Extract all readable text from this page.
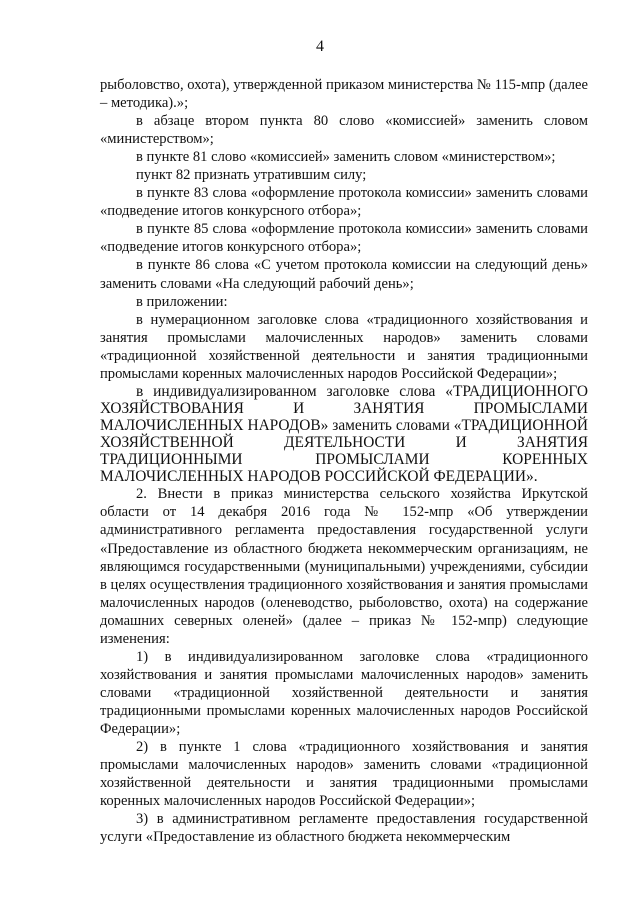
4

рыболовство, охота), утвержденной приказом министерства № 115-мпр (далее – методика).»;

в абзаце втором пункта 80 слово «комиссией» заменить словом «министерством»;

в пункте 81 слово «комиссией» заменить словом «министерством»;

пункт 82 признать утратившим силу;

в пункте 83 слова «оформление протокола комиссии» заменить словами «подведение итогов конкурсного отбора»;

в пункте 85 слова «оформление протокола комиссии» заменить словами «подведение итогов конкурсного отбора»;

в пункте 86 слова «С учетом протокола комиссии на следующий день» заменить словами «На следующий рабочий день»;

в приложении:

в нумерационном заголовке слова «традиционного хозяйствования и занятия промыслами малочисленных народов» заменить словами «традиционной хозяйственной деятельности и занятия традиционными промыслами коренных малочисленных народов Российской Федерации»;

в индивидуализированном заголовке слова «ТРАДИЦИОННОГО ХОЗЯЙСТВОВАНИЯ И ЗАНЯТИЯ ПРОМЫСЛАМИ МАЛОЧИСЛЕННЫХ НАРОДОВ» заменить словами «ТРАДИЦИОННОЙ ХОЗЯЙСТВЕННОЙ ДЕЯТЕЛЬНОСТИ И ЗАНЯТИЯ ТРАДИЦИОННЫМИ ПРОМЫСЛАМИ КОРЕННЫХ МАЛОЧИСЛЕННЫХ НАРОДОВ РОССИЙСКОЙ ФЕДЕРАЦИИ».

2. Внести в приказ министерства сельского хозяйства Иркутской области от 14 декабря 2016 года № 152-мпр «Об утверждении административного регламента предоставления государственной услуги «Предоставление из областного бюджета некоммерческим организациям, не являющимся государственными (муниципальными) учреждениями, субсидии в целях осуществления традиционного хозяйствования и занятия промыслами малочисленных народов (оленеводство, рыболовство, охота) на содержание домашних северных оленей» (далее – приказ № 152-мпр) следующие изменения:

1) в индивидуализированном заголовке слова «традиционного хозяйствования и занятия промыслами малочисленных народов» заменить словами «традиционной хозяйственной деятельности и занятия традиционными промыслами коренных малочисленных народов Российской Федерации»;

2) в пункте 1 слова «традиционного хозяйствования и занятия промыслами малочисленных народов» заменить словами «традиционной хозяйственной деятельности и занятия традиционными промыслами коренных малочисленных народов Российской Федерации»;

3) в административном регламенте предоставления государственной услуги «Предоставление из областного бюджета некоммерческим
